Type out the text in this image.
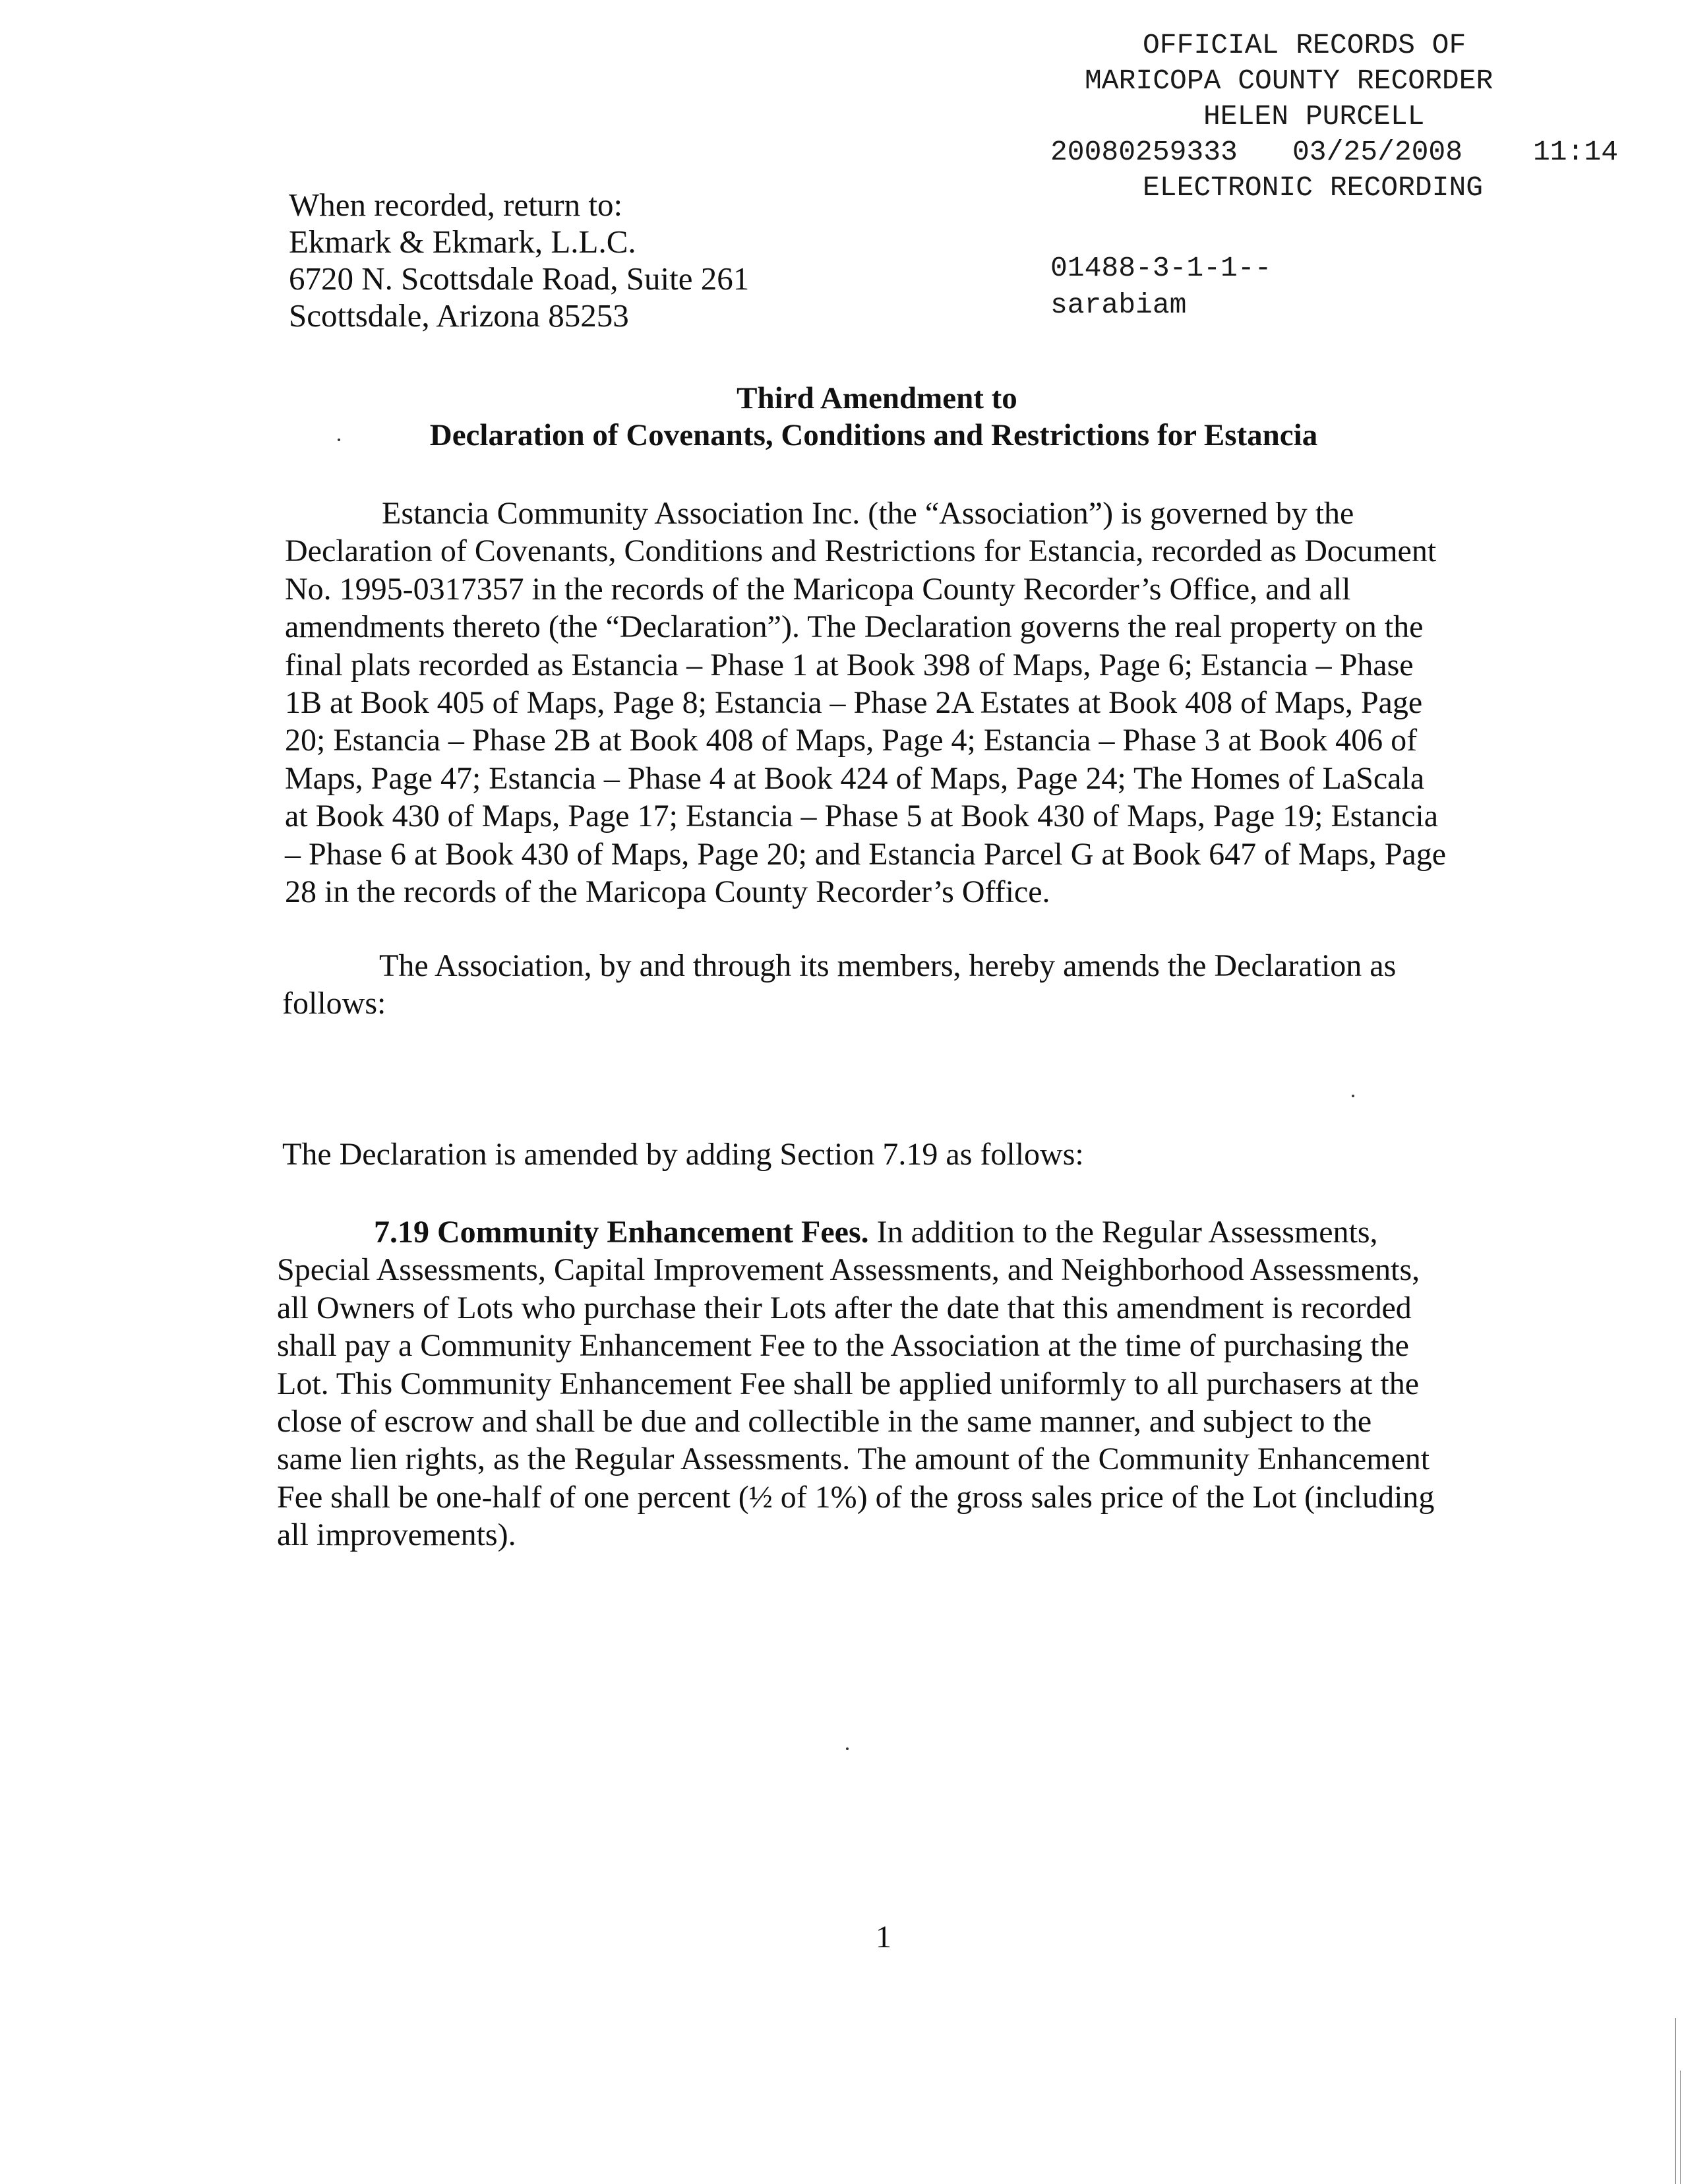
OFFICIAL RECORDS OF

MARICOPA COUNTY RECORDER

HELEN PURCELL

20080259333

03/25/2008

11:14

ELECTRONIC RECORDING

01488-3-1-1--

sarabiam

When recorded, return to:
Ekmark & Ekmark, L.L.C.
6720 N. Scottsdale Road, Suite 261
Scottsdale, Arizona 85253
Third Amendment to
Declaration of Covenants, Conditions and Restrictions for Estancia
Estancia Community Association Inc. (the “Association”) is governed by the
Declaration of Covenants, Conditions and Restrictions for Estancia, recorded as Document
No. 1995-0317357 in the records of the Maricopa County Recorder’s Office, and all
amendments thereto (the “Declaration”). The Declaration governs the real property on the
final plats recorded as Estancia – Phase 1 at Book 398 of Maps, Page 6; Estancia – Phase
1B at Book 405 of Maps, Page 8; Estancia – Phase 2A Estates at Book 408 of Maps, Page
20; Estancia – Phase 2B at Book 408 of Maps, Page 4; Estancia – Phase 3 at Book 406 of
Maps, Page 47; Estancia – Phase 4 at Book 424 of Maps, Page 24; The Homes of LaScala
at Book 430 of Maps, Page 17; Estancia – Phase 5 at Book 430 of Maps, Page 19; Estancia
– Phase 6 at Book 430 of Maps, Page 20; and Estancia Parcel G at Book 647 of Maps, Page
28 in the records of the Maricopa County Recorder’s Office.
The Association, by and through its members, hereby amends the Declaration as
follows:
The Declaration is amended by adding Section 7.19 as follows:
7.19 Community Enhancement Fees. In addition to the Regular Assessments,
Special Assessments, Capital Improvement Assessments, and Neighborhood Assessments,
all Owners of Lots who purchase their Lots after the date that this amendment is recorded
shall pay a Community Enhancement Fee to the Association at the time of purchasing the
Lot. This Community Enhancement Fee shall be applied uniformly to all purchasers at the
close of escrow and shall be due and collectible in the same manner, and subject to the
same lien rights, as the Regular Assessments. The amount of the Community Enhancement
Fee shall be one-half of one percent (½ of 1%) of the gross sales price of the Lot (including
all improvements).
1
